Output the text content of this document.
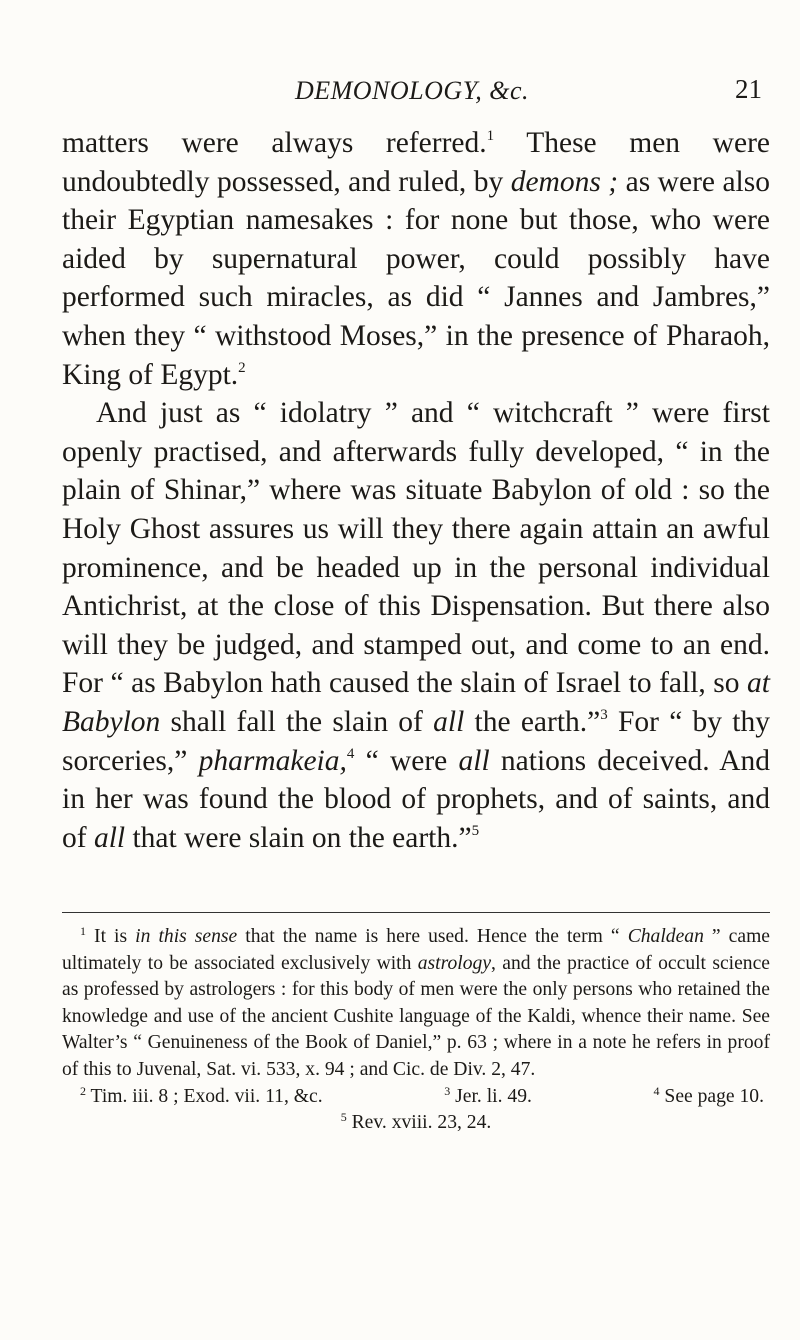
DEMONOLOGY, &c.	21

matters were always referred.$^1$ These men were undoubtedly possessed, and ruled, by demons ; as were also their Egyptian namesakes : for none but those, who were aided by supernatural power, could possibly have performed such miracles, as did “ Jannes and Jambres,” when they “ withstood Moses,” in the presence of Pharaoh, King of Egypt.$^2$

And just as “ idolatry ” and “ witchcraft ” were first openly practised, and afterwards fully developed, “ in the plain of Shinar,” where was situate Babylon of old : so the Holy Ghost assures us will they there again attain an awful prominence, and be headed up in the personal individual Antichrist, at the close of this Dispensation. But there also will they be judged, and stamped out, and come to an end. For “ as Babylon hath caused the slain of Israel to fall, so at Babylon shall fall the slain of all the earth.”$^3$ For “ by thy sorceries,” pharmakeia,$^4$ “ were all nations deceived. And in her was found the blood of prophets, and of saints, and of all that were slain on the earth.”$^5$

$^1$ It is in this sense that the name is here used. Hence the term “ Chaldean ” came ultimately to be associated exclusively with astrology, and the practice of occult science as professed by astrologers : for this body of men were the only persons who retained the knowledge and use of the ancient Cushite language of the Kaldi, whence their name. See Walter’s “ Genuineness of the Book of Daniel,” p. 63 ; where in a note he refers in proof of this to Juvenal, Sat. vi. 533, x. 94 ; and Cic. de Div. 2, 47.

$^2$ Tim. iii. 8 ; Exod. vii. 11, &c.	$^3$ Jer. li. 49.	$^4$ See page 10.
$^5$ Rev. xviii. 23, 24.
